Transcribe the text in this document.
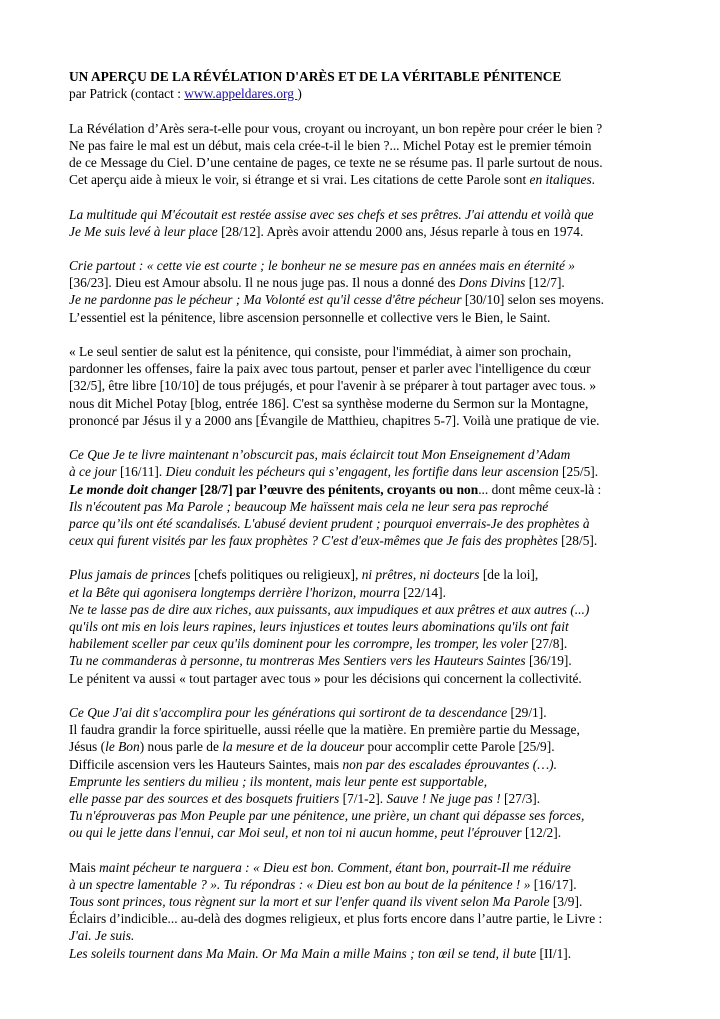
UN APERÇU DE LA RÉVÉLATION D'ARÈS ET DE LA VÉRITABLE PÉNITENCE
par Patrick (contact : www.appeldares.org )
La Révélation d’Arès sera-t-elle pour vous, croyant ou incroyant, un bon repère pour créer le bien ?
Ne pas faire le mal est un début, mais cela crée-t-il le bien ?... Michel Potay est le premier témoin
de ce Message du Ciel. D’une centaine de pages, ce texte ne se résume pas. Il parle surtout de nous.
Cet aperçu aide à mieux le voir, si étrange et si vrai. Les citations de cette Parole sont en italiques.
La multitude qui M'écoutait est restée assise avec ses chefs et ses prêtres. J'ai attendu et voilà que
Je Me suis levé à leur place [28/12]. Après avoir attendu 2000 ans, Jésus reparle à tous en 1974.
Crie partout : « cette vie est courte ; le bonheur ne se mesure pas en années mais en éternité »
[36/23]. Dieu est Amour absolu. Il ne nous juge pas. Il nous a donné des Dons Divins [12/7].
Je ne pardonne pas le pécheur ; Ma Volonté est qu'il cesse d'être pécheur [30/10] selon ses moyens.
L’essentiel est la pénitence, libre ascension personnelle et collective vers le Bien, le Saint.
« Le seul sentier de salut est la pénitence, qui consiste, pour l'immédiat, à aimer son prochain,
pardonner les offenses, faire la paix avec tous partout, penser et parler avec l'intelligence du cœur
[32/5], être libre [10/10] de tous préjugés, et pour l'avenir à se préparer à tout partager avec tous. »
nous dit Michel Potay [blog, entrée 186]. C'est sa synthèse moderne du Sermon sur la Montagne,
prononcé par Jésus il y a 2000 ans [Évangile de Matthieu, chapitres 5-7]. Voilà une pratique de vie.
Ce Que Je te livre maintenant n’obscurcit pas, mais éclaircit tout Mon Enseignement d’Adam
à ce jour [16/11]. Dieu conduit les pécheurs qui s’engagent, les fortifie dans leur ascension [25/5].
Le monde doit changer [28/7] par l’œuvre des pénitents, croyants ou non... dont même ceux-là :
Ils n'écoutent pas Ma Parole ; beaucoup Me haïssent mais cela ne leur sera pas reproché
parce qu’ils ont été scandalisés. L'abusé devient prudent ; pourquoi enverrais-Je des prophètes à
ceux qui furent visités par les faux prophètes ? C'est d'eux-mêmes que Je fais des prophètes [28/5].
Plus jamais de princes [chefs politiques ou religieux], ni prêtres, ni docteurs [de la loi],
et la Bête qui agonisera longtemps derrière l'horizon, mourra [22/14].
Ne te lasse pas de dire aux riches, aux puissants, aux impudiques et aux prêtres et aux autres (...)
qu'ils ont mis en lois leurs rapines, leurs injustices et toutes leurs abominations qu'ils ont fait
habilement sceller par ceux qu'ils dominent pour les corrompre, les tromper, les voler [27/8].
Tu ne commanderas à personne, tu montreras Mes Sentiers vers les Hauteurs Saintes [36/19].
Le pénitent va aussi « tout partager avec tous » pour les décisions qui concernent la collectivité.
Ce Que J'ai dit s'accomplira pour les générations qui sortiront de ta descendance [29/1].
Il faudra grandir la force spirituelle, aussi réelle que la matière. En première partie du Message,
Jésus (le Bon) nous parle de la mesure et de la douceur pour accomplir cette Parole [25/9].
Difficile ascension vers les Hauteurs Saintes, mais non par des escalades éprouvantes (…).
Emprunte les sentiers du milieu ; ils montent, mais leur pente est supportable,
elle passe par des sources et des bosquets fruitiers [7/1-2]. Sauve ! Ne juge pas ! [27/3].
Tu n'éprouveras pas Mon Peuple par une pénitence, une prière, un chant qui dépasse ses forces,
ou qui le jette dans l'ennui, car Moi seul, et non toi ni aucun homme, peut l'éprouver [12/2].
Mais maint pécheur te narguera : « Dieu est bon. Comment, étant bon, pourrait-Il me réduire
à un spectre lamentable ? ». Tu répondras : « Dieu est bon au bout de la pénitence ! » [16/17].
Tous sont princes, tous règnent sur la mort et sur l'enfer quand ils vivent selon Ma Parole [3/9].
Éclairs d’indicible... au-delà des dogmes religieux, et plus forts encore dans l’autre partie, le Livre :
J'ai. Je suis.
Les soleils tournent dans Ma Main. Or Ma Main a mille Mains ; ton œil se tend, il bute [II/1].
